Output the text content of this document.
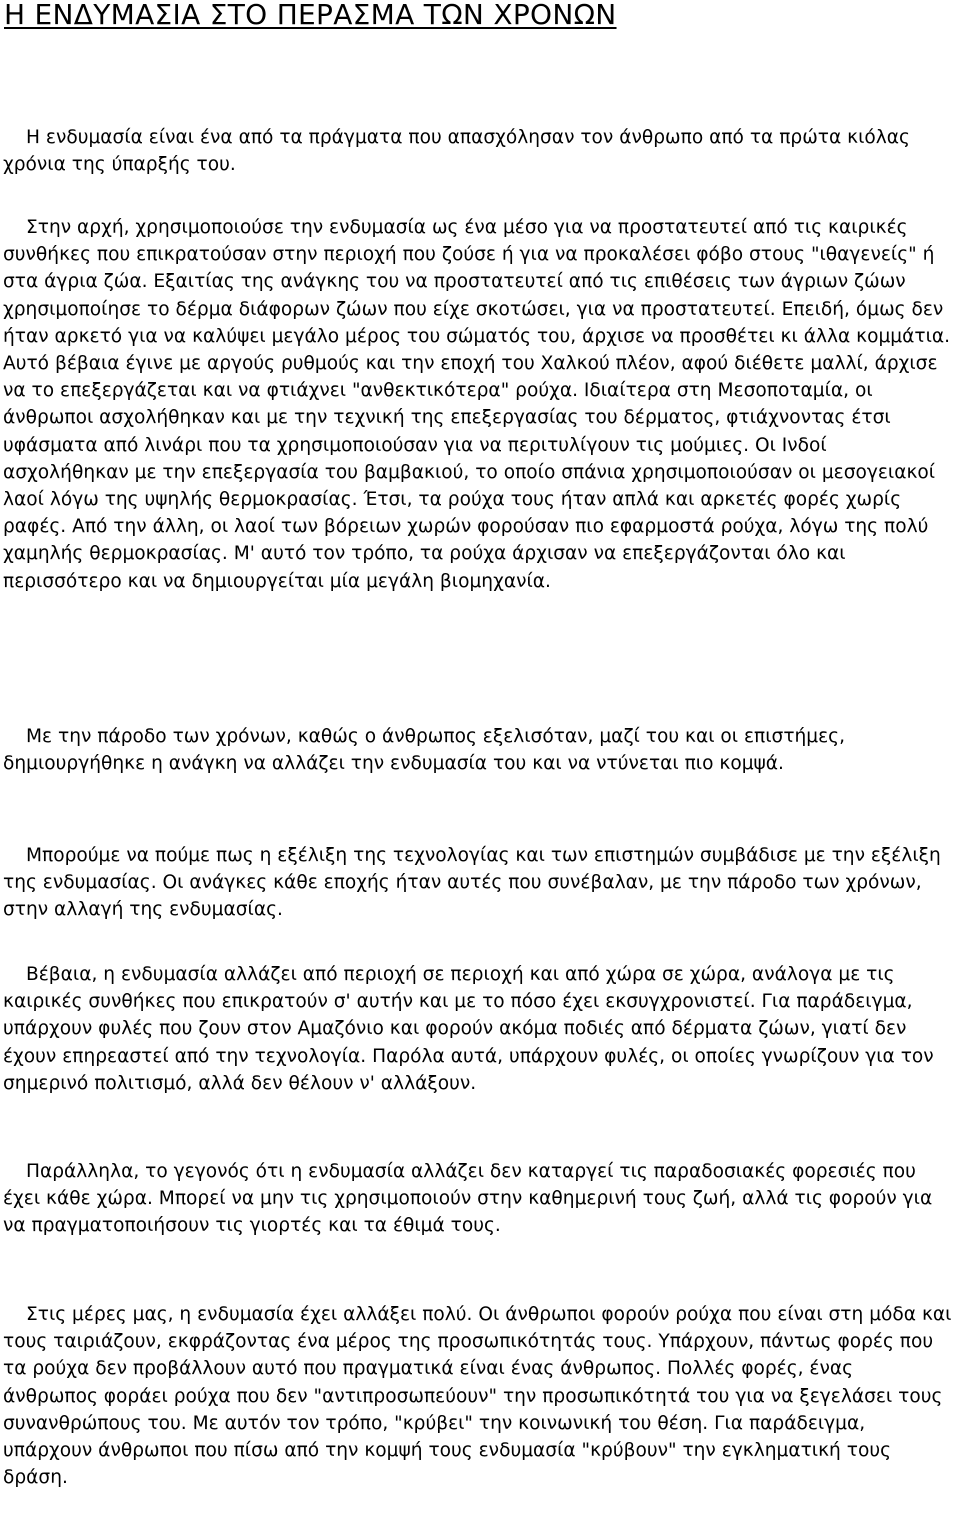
Η ΕΝΔΥΜΑΣΙΑ ΣΤΟ ΠΕΡΑΣΜΑ ΤΩΝ ΧΡΟΝΩΝ

Η ενδυμασία είναι ένα από τα πράγματα που απασχόλησαν τον άνθρωπο από τα πρώτα κιόλας χρόνια της ύπαρξής του.

Στην αρχή, χρησιμοποιούσε την ενδυμασία ως ένα μέσο για να προστατευτεί από τις καιρικές συνθήκες που επικρατούσαν στην περιοχή που ζούσε ή για να προκαλέσει φόβο στους "ιθαγενείς" ή στα άγρια ζώα. Εξαιτίας της ανάγκης του να προστατευτεί από τις επιθέσεις των άγριων ζώων χρησιμοποίησε το δέρμα διάφορων ζώων που είχε σκοτώσει, για να προστατευτεί. Επειδή, όμως δεν ήταν αρκετό για να καλύψει μεγάλο μέρος του σώματός του, άρχισε να προσθέτει κι άλλα κομμάτια. Αυτό βέβαια έγινε με αργούς ρυθμούς και την εποχή του Χαλκού πλέον, αφού διέθετε μαλλί, άρχισε να το επεξεργάζεται και να φτιάχνει "ανθεκτικότερα" ρούχα. Ιδιαίτερα στη Μεσοποταμία, οι άνθρωποι ασχολήθηκαν και με την τεχνική της επεξεργασίας του δέρματος, φτιάχνοντας έτσι υφάσματα από λινάρι που τα χρησιμοποιούσαν για να περιτυλίγουν τις μούμιες. Οι Ινδοί ασχολήθηκαν με την επεξεργασία του βαμβακιού, το οποίο σπάνια χρησιμοποιούσαν οι μεσογειακοί λαοί λόγω της υψηλής θερμοκρασίας. Έτσι, τα ρούχα τους ήταν απλά και αρκετές φορές χωρίς ραφές. Από την άλλη, οι λαοί των βόρειων χωρών φορούσαν πιο εφαρμοστά ρούχα, λόγω της πολύ χαμηλής θερμοκρασίας. Μ' αυτό τον τρόπο, τα ρούχα άρχισαν να επεξεργάζονται όλο και περισσότερο και να δημιουργείται μία μεγάλη βιομηχανία.

Με την πάροδο των χρόνων, καθώς ο άνθρωπος εξελισόταν, μαζί του και οι επιστήμες, δημιουργήθηκε η ανάγκη να αλλάζει την ενδυμασία του και να ντύνεται πιο κομψά.

Μπορούμε να πούμε πως η εξέλιξη της τεχνολογίας και των επιστημών συμβάδισε με την εξέλιξη της ενδυμασίας. Οι ανάγκες κάθε εποχής ήταν αυτές που συνέβαλαν, με την πάροδο των χρόνων, στην αλλαγή της ενδυμασίας.

Βέβαια, η ενδυμασία αλλάζει από περιοχή σε περιοχή και από χώρα σε χώρα, ανάλογα με τις καιρικές συνθήκες που επικρατούν σ' αυτήν και με το πόσο έχει εκσυγχρονιστεί. Για παράδειγμα, υπάρχουν φυλές που ζουν στον Αμαζόνιο και φορούν ακόμα ποδιές από δέρματα ζώων, γιατί δεν έχουν επηρεαστεί από την τεχνολογία. Παρόλα αυτά, υπάρχουν φυλές, οι οποίες γνωρίζουν για τον σημερινό πολιτισμό, αλλά δεν θέλουν ν' αλλάξουν.

Παράλληλα, το γεγονός ότι η ενδυμασία αλλάζει δεν καταργεί τις παραδοσιακές φορεσιές που έχει κάθε χώρα. Μπορεί να μην τις χρησιμοποιούν στην καθημερινή τους ζωή, αλλά τις φορούν για να πραγματοποιήσουν τις γιορτές και τα έθιμά τους.

Στις μέρες μας, η ενδυμασία έχει αλλάξει πολύ. Οι άνθρωποι φορούν ρούχα που είναι στη μόδα και τους ταιριάζουν, εκφράζοντας ένα μέρος της προσωπικότητάς τους. Υπάρχουν, πάντως φορές που τα ρούχα δεν προβάλλουν αυτό που πραγματικά είναι ένας άνθρωπος. Πολλές φορές, ένας άνθρωπος φοράει ρούχα που δεν "αντιπροσωπεύουν" την προσωπικότητά του για να ξεγελάσει τους συνανθρώπους του. Με αυτόν τον τρόπο, "κρύβει" την κοινωνική του θέση. Για παράδειγμα, υπάρχουν άνθρωποι που πίσω από την κομψή τους ενδυμασία "κρύβουν" την εγκληματική τους δράση.
